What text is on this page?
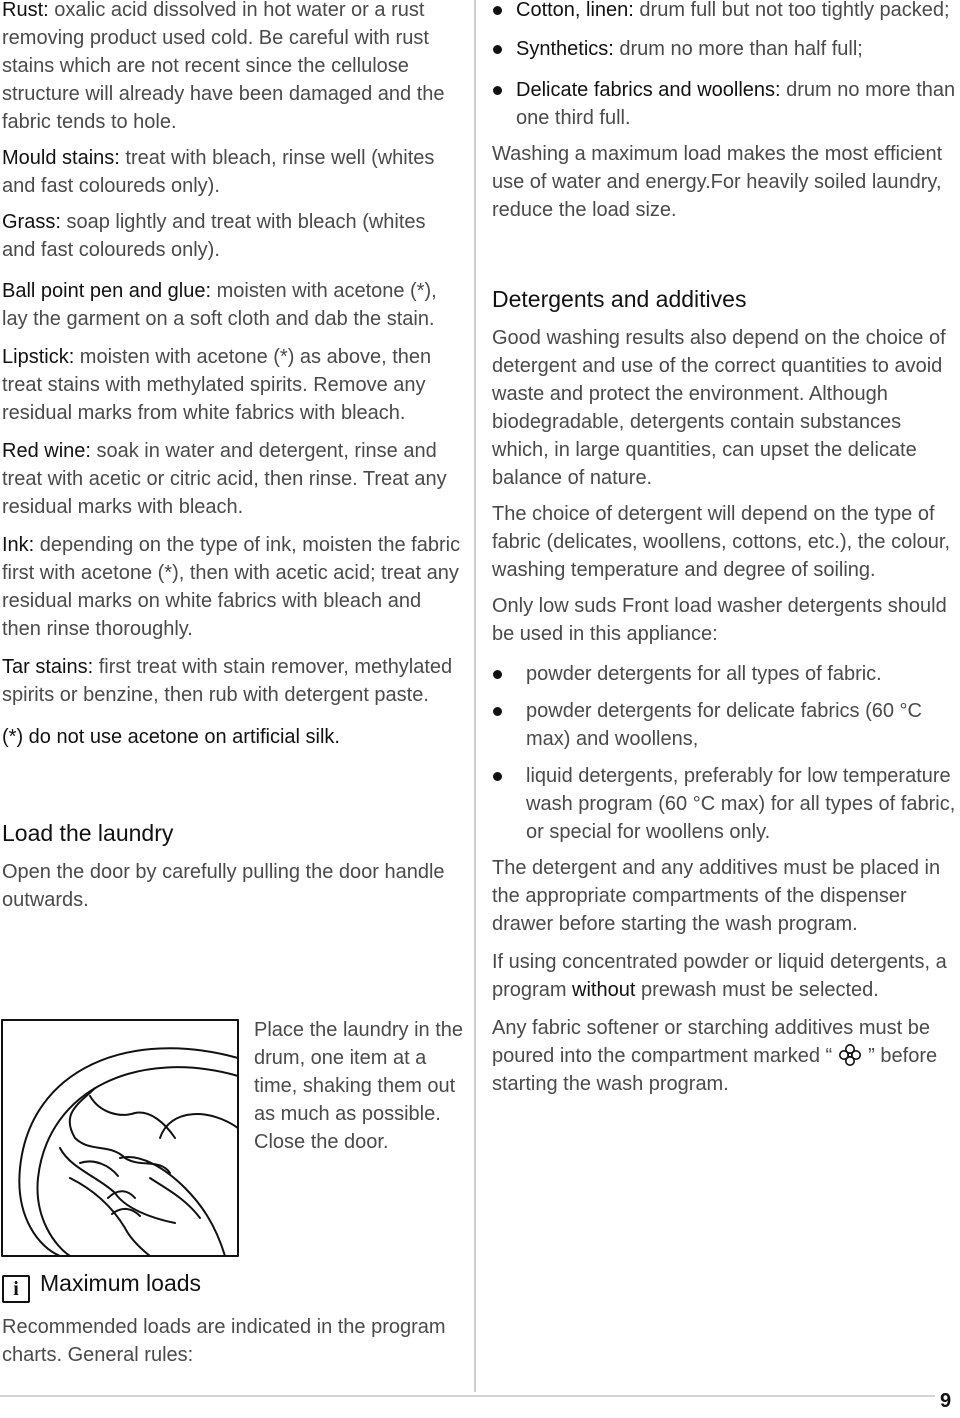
9

Rust: oxalic acid dissolved in hot water or a rust removing product used cold. Be careful with rust stains which are not recent since the cellulose structure will already have been damaged and the fabric tends to hole.

Mould stains: treat with bleach, rinse well (whites and fast coloureds only).

Grass: soap lightly and treat with bleach (whites and fast coloureds only).

Ball point pen and glue: moisten with acetone (*), lay the garment on a soft cloth and dab the stain.

Lipstick: moisten with acetone (*) as above, then treat stains with methylated spirits. Remove any residual marks from white fabrics with bleach.

Red wine: soak in water and detergent, rinse and treat with acetic or citric acid, then rinse. Treat any residual marks with bleach.

Ink: depending on the type of ink, moisten the fabric first with acetone (*), then with acetic acid; treat any residual marks on white fabrics with bleach and then rinse thoroughly.

Tar stains: first treat with stain remover, methylated spirits or benzine, then rub with detergent paste.

(*) do not use acetone on artificial silk.

Load the laundry

Open the door by carefully pulling the door handle outwards.

Place the laundry in the drum, one item at a time, shaking them out as much as possible. Close the door.

i Maximum loads

Recommended loads are indicated in the program charts. General rules:

Cotton, linen: drum full but not too tightly packed;
Synthetics: drum no more than half full;
Delicate fabrics and woollens: drum no more than one third full.

Washing a maximum load makes the most efficient use of water and energy.For heavily soiled laundry, reduce the load size.

Detergents and additives

Good washing results also depend on the choice of detergent and use of the correct quantities to avoid waste and protect the environment. Although biodegradable, detergents contain substances which, in large quantities, can upset the delicate balance of nature.

The choice of detergent will depend on the type of fabric (delicates, woollens, cottons, etc.), the colour, washing temperature and degree of soiling.

Only low suds Front load washer detergents should be used in this appliance:

powder detergents for all types of fabric.
powder detergents for delicate fabrics (60 °C max) and woollens,
liquid detergents, preferably for low temperature wash program (60 °C max) for all types of fabric, or special for woollens only.

The detergent and any additives must be placed in the appropriate compartments of the dispenser drawer before starting the wash program.

If using concentrated powder or liquid detergents, a program without prewash must be selected.

Any fabric softener or starching additives must be poured into the compartment marked “ ” before starting the wash program.
